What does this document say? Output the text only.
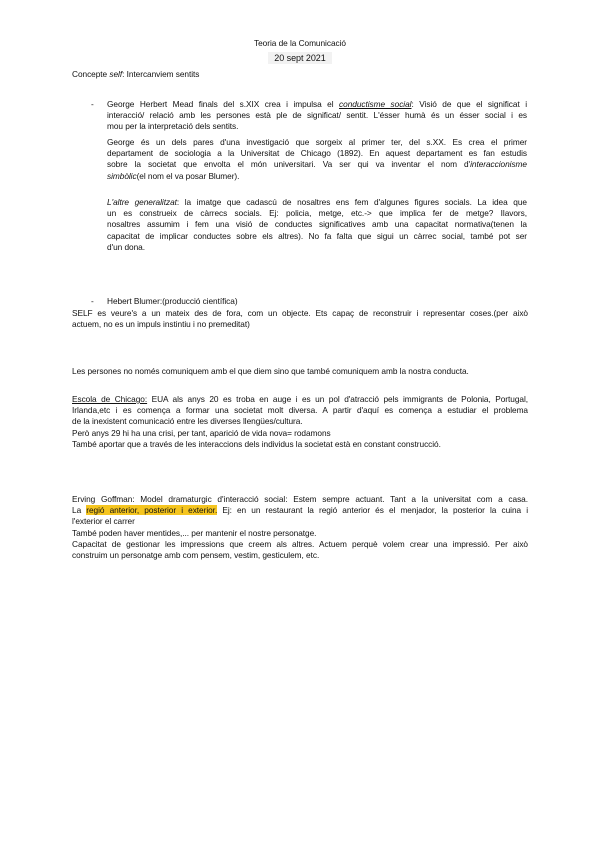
Teoria de la Comunicació
20 sept 2021
Concepte self: Intercanviem sentits
- George Herbert Mead finals del s.XIX crea i impulsa el conductisme social: Visió de que el significat i
interacció/ relació amb les persones està ple de significat/ sentit. L'ésser humà és un ésser social i es
mou per la interpretació dels sentits.
George és un dels pares d'una investigació que sorgeix al primer ter, del s.XX. Es crea el primer
departament de sociologia a la Universitat de Chicago (1892). En aquest departament es fan estudis
sobre la societat que envolta el món universitari. Va ser qui va inventar el nom d'interaccionisme
simbòlic(el nom el va posar Blumer).
L'altre generalitzat: la imatge que cadascú de nosaltres ens fem d'algunes figures socials. La idea que
un es construeix de càrrecs socials. Ej: policia, metge, etc.-> que implica fer de metge? Ilavors,
nosaltres assumim i fem una visió de conductes significatives amb una capacitat normativa(tenen la
capacitat de implicar conductes sobre els altres). No fa falta que sigui un càrrec social, també pot ser
d'un dona.
- Hebert Blumer:(producció científica)
SELF es veure's a un mateix des de fora, com un objecte. Ets capaç de reconstruir i representar coses.(per això
actuem, no es un impuls instintiu i no premeditat)
Les persones no només comuniquem amb el que diem sino que també comuniquem amb la nostra conducta.
Escola de Chicago: EUA als anys 20 es troba en auge i es un pol d'atracció pels immigrants de Polonia, Portugal,
Irlanda,etc i es comença a formar una societat molt diversa. A partir d'aquí es comença a estudiar el problema
de la inexistent comunicació entre les diverses llengües/cultura.
Però anys 29 hi ha una crisi, per tant, aparició de vida nova= rodamons
També aportar que a través de les interaccions dels individus la societat està en constant construcció.
Erving Goffman: Model dramaturgic d'interacció social: Estem sempre actuant. Tant a la universitat com a casa.
La regió anterior, posterior i exterior. Ej: en un restaurant la regió anterior és el menjador, la posterior la cuina i
l'exterior el carrer
També poden haver mentides,... per mantenir el nostre personatge.
Capacitat de gestionar les impressions que creem als altres. Actuem perquè volem crear una impressió. Per això
construim un personatge amb com pensem, vestim, gesticulem, etc.
